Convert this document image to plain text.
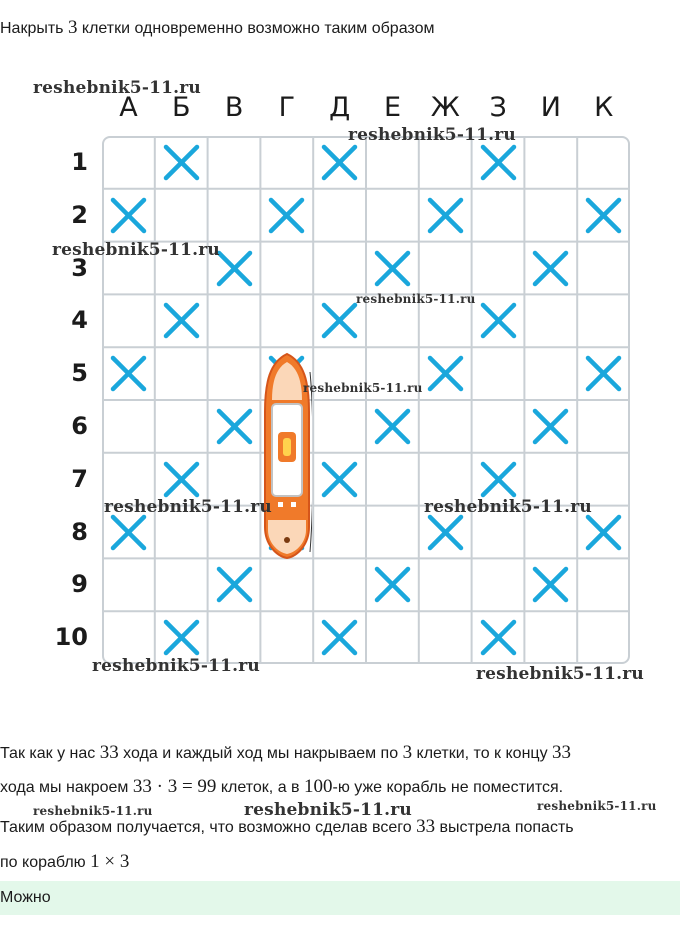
Накрыть 3 клетки одновременно возможно таким образом
А	Б	В	Г	Д	Е	Ж	З	И	К
1
2
3
4
5
6
7
8
9
10
reshebnik5-11.ru
reshebnik5-11.ru
reshebnik5-11.ru
reshebnik5-11.ru
reshebnik5-11.ru
reshebnik5-11.ru	reshebnik5-11.ru
reshebnik5-11.ru	reshebnik5-11.ru
Так как у нас 33 хода и каждый ход мы накрываем по 3 клетки, то к концу 33
хода мы накроем 33 · 3 = 99 клеток, а в 100-ю уже корабль не поместится.
reshebnik5-11.ru	reshebnik5-11.ru	reshebnik5-11.ru
Таким образом получается, что возможно сделав всего 33 выстрела попасть
по кораблю 1 × 3
Можно
